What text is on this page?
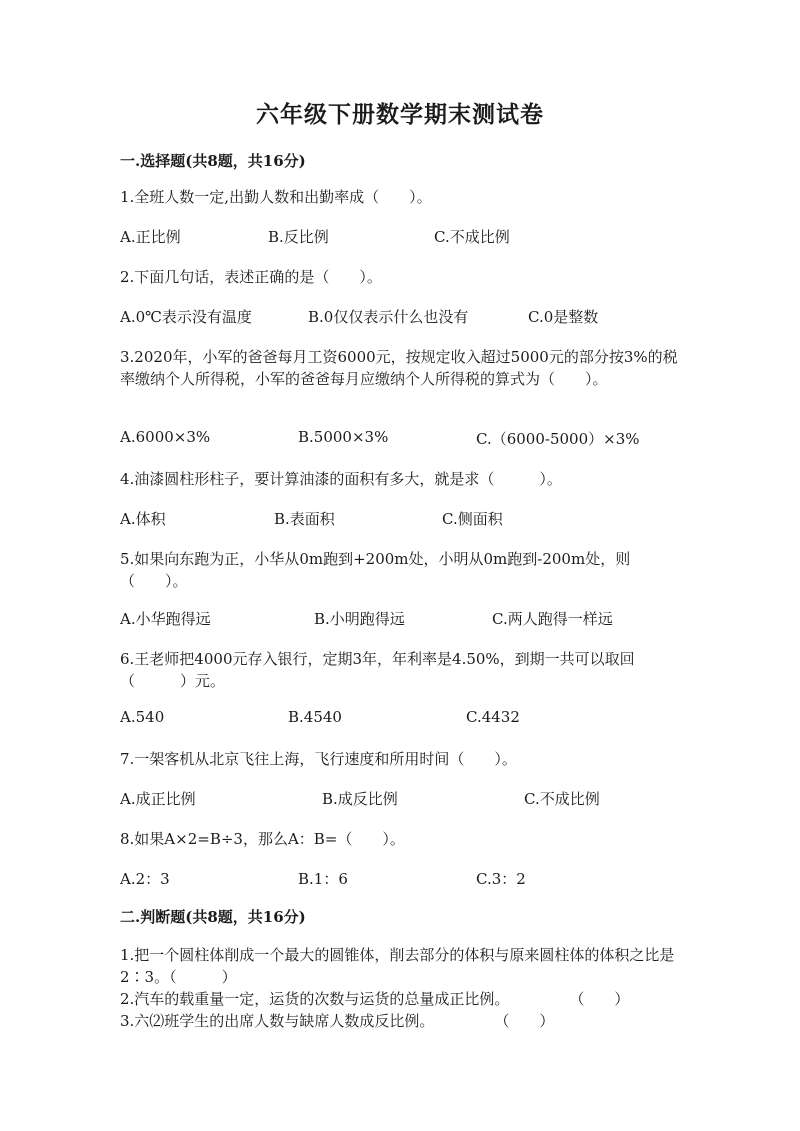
六年级下册数学期末测试卷
一.选择题(共8题，共16分)
1.全班人数一定,出勤人数和出勤率成（　　）。
A.正比例	B.反比例	C.不成比例
2.下面几句话，表述正确的是（　　）。
A.0℃表示没有温度	B.0仅仅表示什么也没有	C.0是整数
3.2020年，小军的爸爸每月工资6000元，按规定收入超过5000元的部分按3%的税率缴纳个人所得税，小军的爸爸每月应缴纳个人所得税的算式为（　　）。
A.6000×3%	B.5000×3%	C.（6000-5000）×3%
4.油漆圆柱形柱子，要计算油漆的面积有多大，就是求（　　　）。
A.体积	B.表面积	C.侧面积
5.如果向东跑为正，小华从0m跑到+200m处，小明从0m跑到-200m处，则（　　）。
A.小华跑得远	B.小明跑得远	C.两人跑得一样远
6.王老师把4000元存入银行，定期3年，年利率是4.50%，到期一共可以取回（　　　）元。
A.540	B.4540	C.4432
7.一架客机从北京飞往上海，飞行速度和所用时间（　　）。
A.成正比例	B.成反比例	C.不成比例
8.如果A×2=B÷3，那么A：B=（　　）。
A.2：3	B.1：6	C.3：2
二.判断题(共8题，共16分)
1.把一个圆柱体削成一个最大的圆锥体，削去部分的体积与原来圆柱体的体积之比是2∶3。（　　　）
2.汽车的载重量一定，运货的次数与运货的总量成正比例。　　　　　（　　）
3.六⑵班学生的出席人数与缺席人数成反比例。　　　　　（　　）
